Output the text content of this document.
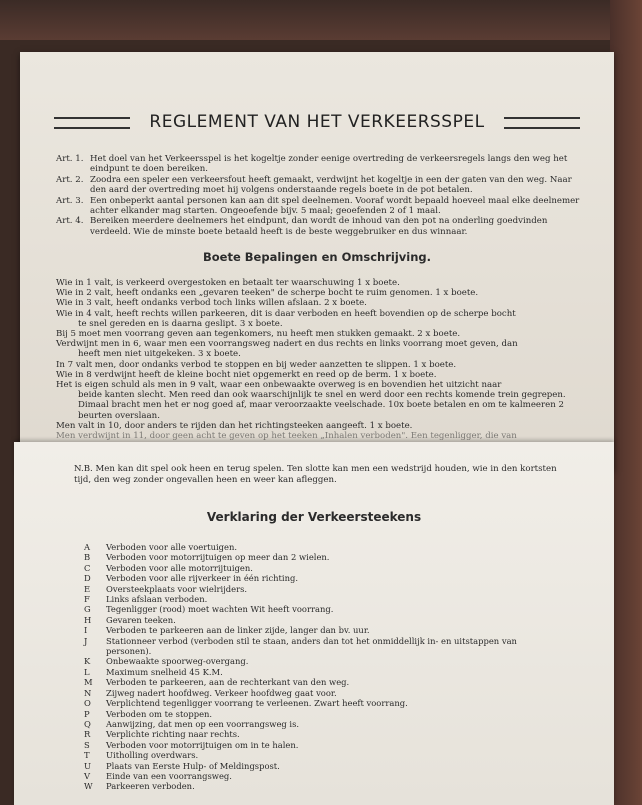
REGLEMENT VAN HET VERKEERSSPEL
Art. 1. Het doel van het Verkeersspel is het kogeltje zonder eenige overtreding de verkeersregels langs den weg het eindpunt te doen bereiken.
Art. 2. Zoodra een speler een verkeersfout heeft gemaakt, verdwijnt het kogeltje in een der gaten van den weg. Naar den aard der overtreding moet hij volgens onderstaande regels boete in de pot betalen.
Art. 3. Een onbeperkt aantal personen kan aan dit spel deelnemen. Vooraf wordt bepaald hoeveel maal elke deelnemer achter elkander mag starten. Ongeoefende bijv. 5 maal; geoefenden 2 of 1 maal.
Art. 4. Bereiken meerdere deelnemers het eindpunt, dan wordt de inhoud van den pot na onderling goedvinden verdeeld. Wie de minste boete betaald heeft is de beste weggebruiker en dus winnaar.
Boete Bepalingen en Omschrijving.
Wie in 1 valt, is verkeerd overgestoken en betaalt ter waarschuwing 1 x boete.
Wie in 2 valt, heeft ondanks een „gevaren teeken" de scherpe bocht te ruim genomen. 1 x boete.
Wie in 3 valt, heeft ondanks verbod toch links willen afslaan. 2 x boete.
Wie in 4 valt, heeft rechts willen parkeeren, dit is daar verboden en heeft bovendien op de scherpe bocht
te snel gereden en is daarna geslipt. 3 x boete.
Bij 5 moet men voorrang geven aan tegenkomers, nu heeft men stukken gemaakt. 2 x boete.
Verdwijnt men in 6, waar men een voorrangsweg nadert en dus rechts en links voorrang moet geven, dan
heeft men niet uitgekeken. 3 x boete.
In 7 valt men, door ondanks verbod te stoppen en bij weder aanzetten te slippen. 1 x boete.
Wie in 8 verdwijnt heeft de kleine bocht niet opgemerkt en reed op de berm. 1 x boete.
Het is eigen schuld als men in 9 valt, waar een onbewaakte overweg is en bovendien het uitzicht naar
beide kanten slecht. Men reed dan ook waarschijnlijk te snel en werd door een rechts komende trein gegrepen. Dimaal bracht men het er nog goed af, maar veroorzaakte veelschade. 10x boete betalen en om te kalmeeren 2 beurten overslaan.
Men valt in 10, door anders te rijden dan het richtingsteeken aangeeft. 1 x boete.
Men verdwijnt in 11, door geen acht te geven op het teeken „Inhalen verboden". Een tegenligger, die van
N.B. Men kan dit spel ook heen en terug spelen. Ten slotte kan men een wedstrijd houden, wie in den kortsten tijd, den weg zonder ongevallen heen en weer kan afleggen.
Verklaring der Verkeersteekens
A	Verboden voor alle voertuigen.
B	Verboden voor motorrijtuigen op meer dan 2 wielen.
C	Verboden voor alle motorrijtuigen.
D	Verboden voor alle rijverkeer in één richting.
E	Oversteekplaats voor wielrijders.
F	Links afslaan verboden.
G	Tegenligger (rood) moet wachten Wit heeft voorrang.
H	Gevaren teeken.
I	Verboden te parkeeren aan de linker zijde, langer dan bv. uur.
J	Stationneer verbod (verboden stil te staan, anders dan tot het onmiddellijk in- en uitstappen van personen).
K	Onbewaakte spoorweg-overgang.
L	Maximum snelheid 45 K.M.
M	Verboden te parkeeren, aan de rechterkant van den weg.
N	Zijweg nadert hoofdweg. Verkeer hoofdweg gaat voor.
O	Verplichtend tegenligger voorrang te verleenen. Zwart heeft voorrang.
P	Verboden om te stoppen.
Q	Aanwijzing, dat men op een voorrangsweg is.
R	Verplichte richting naar rechts.
S	Verboden voor motorrijtuigen om in te halen.
T	Uitholling overdwars.
U	Plaats van Eerste Hulp- of Meldingspost.
V	Einde van een voorrangsweg.
W	Parkeeren verboden.
